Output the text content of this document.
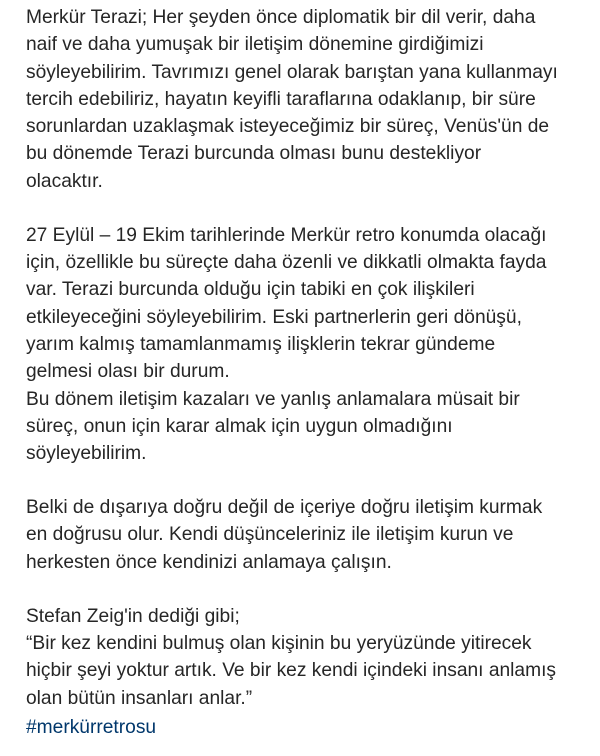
Merkür Terazi; Her şeyden önce diplomatik bir dil verir, daha
naif ve daha yumuşak bir iletişim dönemine girdiğimizi
söyleyebilirim. Tavrımızı genel olarak barıştan yana kullanmayı
tercih edebiliriz, hayatın keyifli taraflarına odaklanıp, bir süre
sorunlardan uzaklaşmak isteyeceğimiz bir süreç, Venüs'ün de
bu dönemde Terazi burcunda olması bunu destekliyor
olacaktır.
27 Eylül – 19 Ekim tarihlerinde Merkür retro konumda olacağı
için, özellikle bu süreçte daha özenli ve dikkatli olmakta fayda
var. Terazi burcunda olduğu için tabiki en çok ilişkileri
etkileyeceğini söyleyebilirim. Eski partnerlerin geri dönüşü,
yarım kalmış tamamlanmamış ilişklerin tekrar gündeme
gelmesi olası bir durum.
Bu dönem iletişim kazaları ve yanlış anlamalara müsait bir
süreç, onun için karar almak için uygun olmadığını
söyleyebilirim.
Belki de dışarıya doğru değil de içeriye doğru iletişim kurmak
en doğrusu olur. Kendi düşünceleriniz ile iletişim kurun ve
herkesten önce kendinizi anlamaya çalışın.
Stefan Zeig'in dediği gibi;
“Bir kez kendini bulmuş olan kişinin bu yeryüzünde yitirecek
hiçbir şeyi yoktur artık. Ve bir kez kendi içindeki insanı anlamış
olan bütün insanları anlar.”
#merkürretrosu
